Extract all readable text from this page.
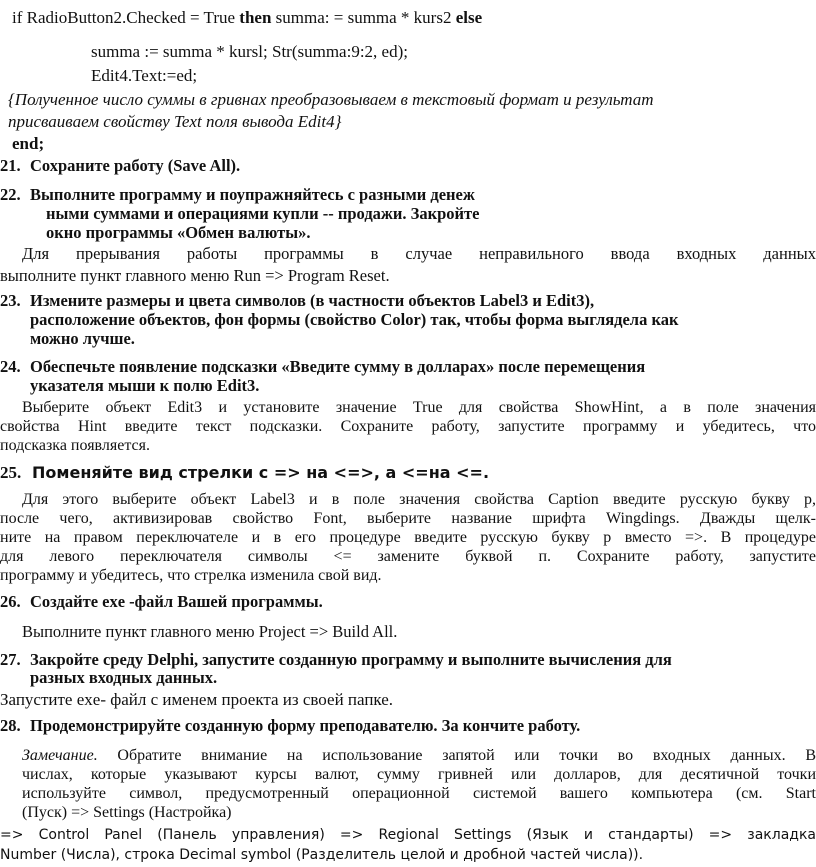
if RadioButton2.Checked = True then summa: = summa * kurs2 else
summa := summa * kursl; Str(summa:9:2, ed);
Edit4.Text:=ed;
{Полученное число суммы в гривнах преобразовываем в текстовый формат и результат
присваиваем свойству Text поля вывода Edit4}
end;
21. Сохраните работу (Save All).
22. Выполните программу и поупражняйтесь с разными денеж
ными суммами и операциями купли -- продажи. Закройте
окно программы «Обмен валюты».
Для прерывания работы программы в случае неправильного ввода входных данных
выполните пункт главного меню Run => Program Reset.
23. Измените размеры и цвета символов (в частности объектов Label3 и Edit3),
расположение объектов, фон формы (свойство Color) так, чтобы форма выглядела как
можно лучше.
24. Обеспечьте появление подсказки «Введите сумму в долларах» после перемещения
указателя мыши к полю Edit3.
Выберите объект Edit3 и установите значение True для свойства ShowHint, а в поле значения
свойства Hint введите текст подсказки. Сохраните работу, запустите программу и убедитесь, что
подсказка появляется.
25. Поменяйте вид стрелки с => на <=>, а <=на <=.
Для этого выберите объект Label3 и в поле значения свойства Caption введите русскую букву р,
после чего, активизировав свойство Font, выберите название шрифта Wingdings. Дважды щелк-
ните на правом переключателе и в его процедуре введите русскую букву р вместо =>. В процедуре
для левого переключателя символы <= замените буквой п. Сохраните работу, запустите
программу и убедитесь, что стрелка изменила свой вид.
26. Создайте exe -файл Вашей программы.
Выполните пункт главного меню Project => Build All.
27. Закройте среду Delphi, запустите созданную программу и выполните вычисления для
разных входных данных.
Запустите exe- файл с именем проекта из своей папке.
28. Продемонстрируйте созданную форму преподавателю. За кончите работу.
Замечание. Обратите внимание на использование запятой или точки во входных данных. В
числах, которые указывают курсы валют, сумму гривней или долларов, для десятичной точки
используйте символ, предусмотренный операционной системой вашего компьютера (см. Start
(Пуск) => Settings (Настройка)
=> Control Panel (Панель управления) => Regional Settings (Язык и стандарты) => закладка
Number (Числа), строка Decimal symbol (Разделитель целой и дробной частей числа)).
